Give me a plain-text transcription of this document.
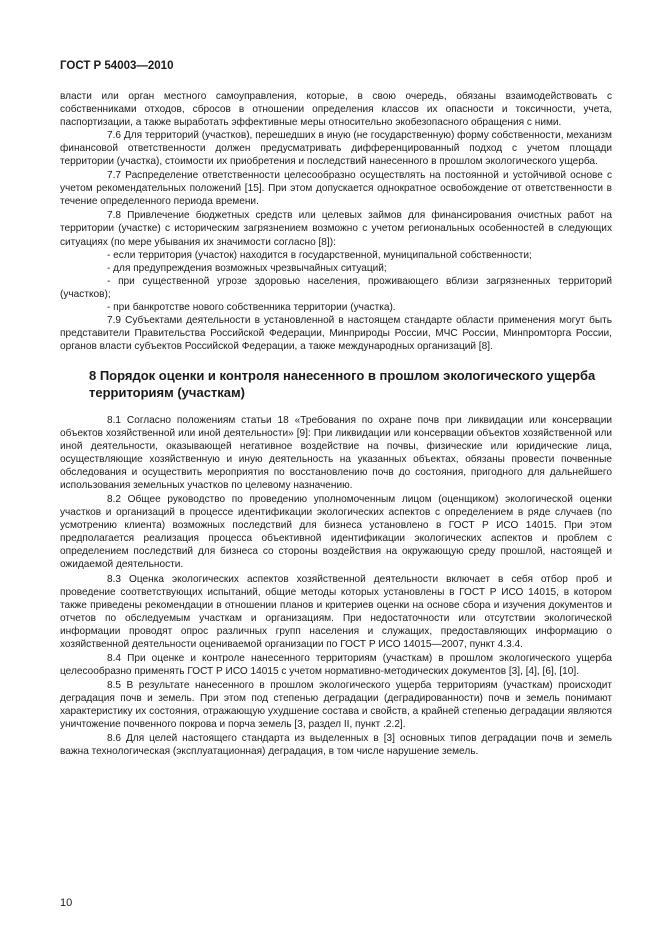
ГОСТ Р 54003—2010

власти или орган местного самоуправления, которые, в свою очередь, обязаны взаимодействовать с собственниками отходов, сбросов в отношении определения классов их опасности и токсичности, учета, паспортизации, а также выработать эффективные меры относительно экобезопасного обращения с ними.

7.6 Для территорий (участков), перешедших в иную (не государственную) форму собственности, механизм финансовой ответственности должен предусматривать дифференцированный подход с учетом площади территории (участка), стоимости их приобретения и последствий нанесенного в прошлом экологического ущерба.

7.7 Распределение ответственности целесообразно осуществлять на постоянной и устойчивой основе с учетом рекомендательных положений [15]. При этом допускается однократное освобождение от ответственности в течение определенного периода времени.

7.8 Привлечение бюджетных средств или целевых займов для финансирования очистных работ на территории (участке) с историческим загрязнением возможно с учетом региональных особенностей в следующих ситуациях (по мере убывания их значимости согласно [8]):

- если территория (участок) находится в государственной, муниципальной собственности;

- для предупреждения возможных чрезвычайных ситуаций;

- при существенной угрозе здоровью населения, проживающего вблизи загрязненных территорий (участков);

- при банкротстве нового собственника территории (участка).

7.9 Субъектами деятельности в установленной в настоящем стандарте области применения могут быть представители Правительства Российской Федерации, Минприроды России, МЧС России, Минпромторга России, органов власти субъектов Российской Федерации, а также международных организаций [8].

8 Порядок оценки и контроля нанесенного в прошлом экологического ущерба территориям (участкам)

8.1 Согласно положениям статьи 18 «Требования по охране почв при ликвидации или консервации объектов хозяйственной или иной деятельности» [9]: При ликвидации или консервации объектов хозяйственной или иной деятельности, оказывающей негативное воздействие на почвы, физические или юридические лица, осуществляющие хозяйственную и иную деятельность на указанных объектах, обязаны провести почвенные обследования и осуществить мероприятия по восстановлению почв до состояния, пригодного для дальнейшего использования земельных участков по целевому назначению.

8.2 Общее руководство по проведению уполномоченным лицом (оценщиком) экологической оценки участков и организаций в процессе идентификации экологических аспектов с определением в ряде случаев (по усмотрению клиента) возможных последствий для бизнеса установлено в ГОСТ Р ИСО 14015. При этом предполагается реализация процесса объективной идентификации экологических аспектов и проблем с определением последствий для бизнеса со стороны воздействия на окружающую среду прошлой, настоящей и ожидаемой деятельности.

8.3 Оценка экологических аспектов хозяйственной деятельности включает в себя отбор проб и проведение соответствующих испытаний, общие методы которых установлены в ГОСТ Р ИСО 14015, в котором также приведены рекомендации в отношении планов и критериев оценки на основе сбора и изучения документов и отчетов по обследуемым участкам и организациям. При недостаточности или отсутствии экологической информации проводят опрос различных групп населения и служащих, предоставляющих информацию о хозяйственной деятельности оцениваемой организации по ГОСТ Р ИСО 14015—2007, пункт 4.3.4.

8.4 При оценке и контроле нанесенного территориям (участкам) в прошлом экологического ущерба целесообразно применять ГОСТ Р ИСО 14015 с учетом нормативно-методических документов [3], [4], [6], [10].

8.5 В результате нанесенного в прошлом экологического ущерба территориям (участкам) происходит деградация почв и земель. При этом под степенью деградации (деградированности) почв и земель понимают характеристику их состояния, отражающую ухудшение состава и свойств, а крайней степенью деградации являются уничтожение почвенного покрова и порча земель [3, раздел II, пункт .2.2].

8.6 Для целей настоящего стандарта из выделенных в [3] основных типов деградации почв и земель важна технологическая (эксплуатационная) деградация, в том числе нарушение земель.

10
